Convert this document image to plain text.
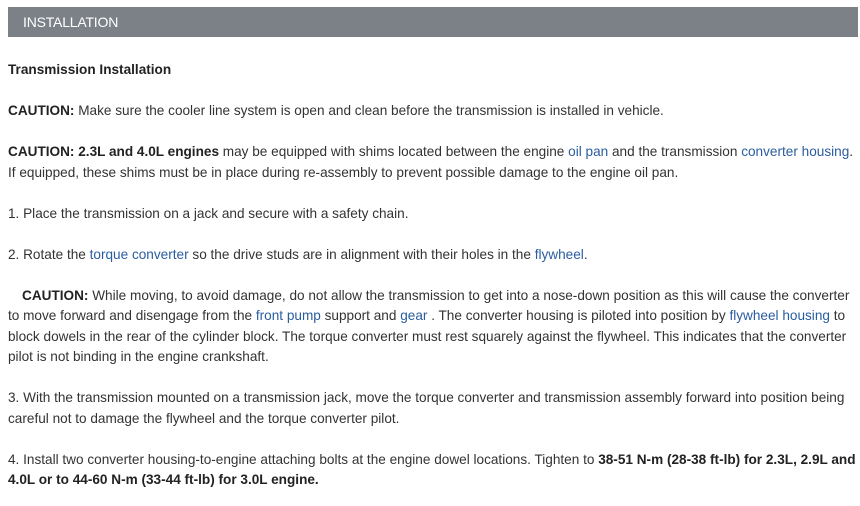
INSTALLATION

Transmission Installation

CAUTION: Make sure the cooler line system is open and clean before the transmission is installed in vehicle.

CAUTION: 2.3L and 4.0L engines may be equipped with shims located between the engine oil pan and the transmission converter housing. If equipped, these shims must be in place during re-assembly to prevent possible damage to the engine oil pan.

1. Place the transmission on a jack and secure with a safety chain.

2. Rotate the torque converter so the drive studs are in alignment with their holes in the flywheel.

CAUTION: While moving, to avoid damage, do not allow the transmission to get into a nose-down position as this will cause the converter to move forward and disengage from the front pump support and gear . The converter housing is piloted into position by flywheel housing to block dowels in the rear of the cylinder block. The torque converter must rest squarely against the flywheel. This indicates that the converter pilot is not binding in the engine crankshaft.

3. With the transmission mounted on a transmission jack, move the torque converter and transmission assembly forward into position being careful not to damage the flywheel and the torque converter pilot.

4. Install two converter housing-to-engine attaching bolts at the engine dowel locations. Tighten to 38-51 N-m (28-38 ft-lb) for 2.3L, 2.9L and 4.0L or to 44-60 N-m (33-44 ft-lb) for 3.0L engine.
